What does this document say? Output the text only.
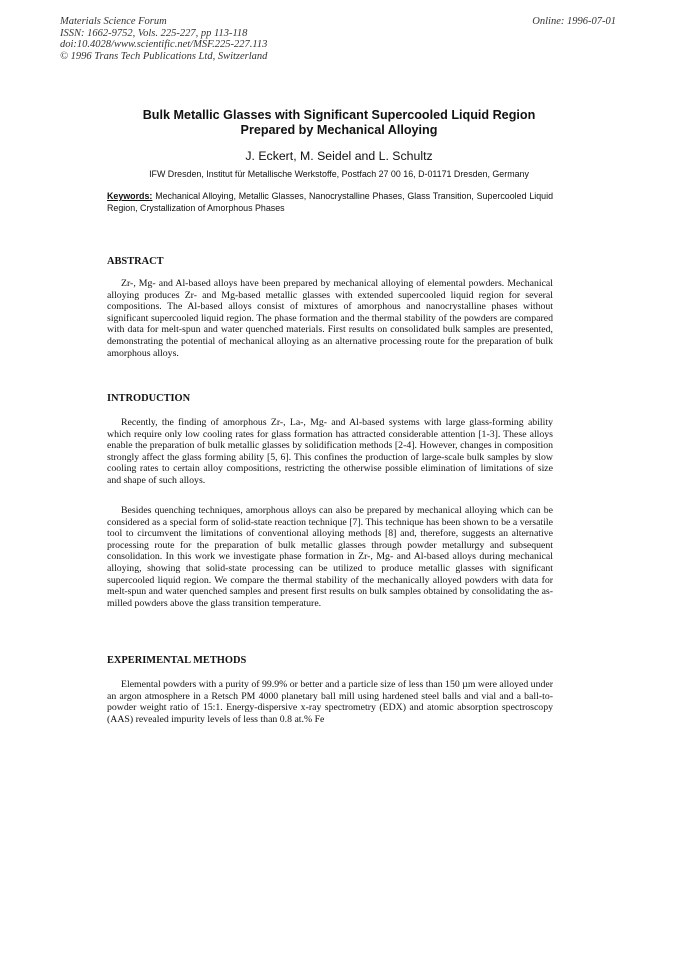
Materials Science Forum
ISSN: 1662-9752, Vols. 225-227, pp 113-118
doi:10.4028/www.scientific.net/MSF.225-227.113
© 1996 Trans Tech Publications Ltd, Switzerland
Online: 1996-07-01
Bulk Metallic Glasses with Significant Supercooled Liquid Region
Prepared by Mechanical Alloying
J. Eckert, M. Seidel and L. Schultz
IFW Dresden, Institut für Metallische Werkstoffe, Postfach 27 00 16, D-01171 Dresden, Germany
Keywords: Mechanical Alloying, Metallic Glasses, Nanocrystalline Phases, Glass Transition, Supercooled Liquid Region, Crystallization of Amorphous Phases
ABSTRACT

Zr-, Mg- and Al-based alloys have been prepared by mechanical alloying of elemental powders. Mechanical alloying produces Zr- and Mg-based metallic glasses with extended supercooled liquid region for several compositions. The Al-based alloys consist of mixtures of amorphous and nanocrystalline phases without significant supercooled liquid region. The phase formation and the thermal stability of the powders are compared with data for melt-spun and water quenched materials. First results on consolidated bulk samples are presented, demonstrating the potential of mechanical alloying as an alternative processing route for the preparation of bulk amorphous alloys.

INTRODUCTION

Recently, the finding of amorphous Zr-, La-, Mg- and Al-based systems with large glass-forming ability which require only low cooling rates for glass formation has attracted considerable attention [1-3]. These alloys enable the preparation of bulk metallic glasses by solidification methods [2-4]. However, changes in composition strongly affect the glass forming ability [5, 6]. This confines the production of large-scale bulk samples by slow cooling rates to certain alloy compositions, restricting the otherwise possible elimination of limitations of size and shape of such alloys.

Besides quenching techniques, amorphous alloys can also be prepared by mechanical alloying which can be considered as a special form of solid-state reaction technique [7]. This technique has been shown to be a versatile tool to circumvent the limitations of conventional alloying methods [8] and, therefore, suggests an alternative processing route for the preparation of bulk metallic glasses through powder metallurgy and subsequent consolidation. In this work we investigate phase formation in Zr-, Mg- and Al-based alloys during mechanical alloying, showing that solid-state processing can be utilized to produce metallic glasses with significant supercooled liquid region. We compare the thermal stability of the mechanically alloyed powders with data for melt-spun and water quenched samples and present first results on bulk samples obtained by consolidating the as-milled powders above the glass transition temperature.

EXPERIMENTAL METHODS

Elemental powders with a purity of 99.9% or better and a particle size of less than 150 µm were alloyed under an argon atmosphere in a Retsch PM 4000 planetary ball mill using hardened steel balls and vial and a ball-to-powder weight ratio of 15:1. Energy-dispersive x-ray spectrometry (EDX) and atomic absorption spectroscopy (AAS) revealed impurity levels of less than 0.8 at.% Fe
